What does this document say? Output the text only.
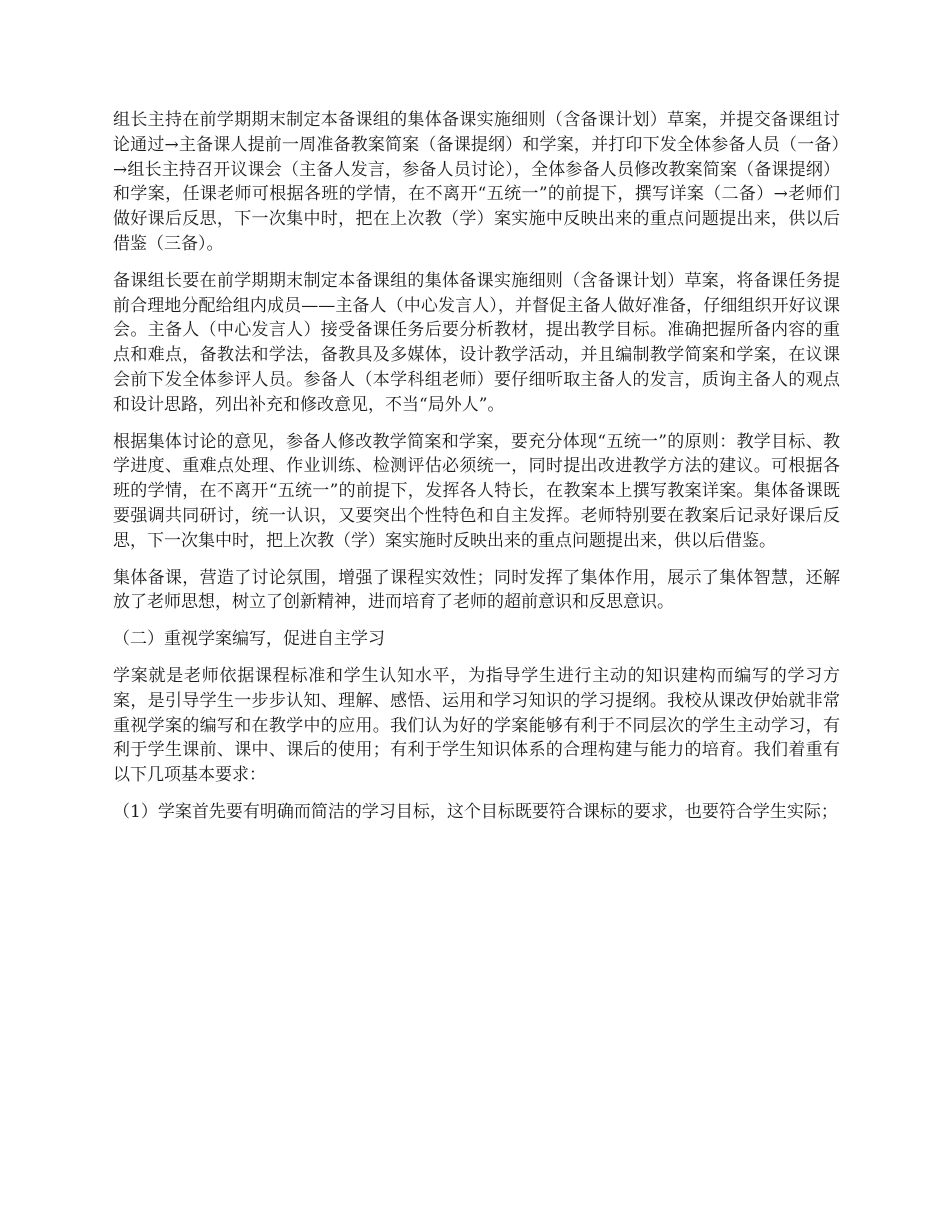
组长主持在前学期期末制定本备课组的集体备课实施细则（含备课计划）草案，并提交备课组讨论通过→主备课人提前一周准备教案简案（备课提纲）和学案，并打印下发全体参备人员（一备）→组长主持召开议课会（主备人发言，参备人员讨论），全体参备人员修改教案简案（备课提纲）和学案，任课老师可根据各班的学情，在不离开“五统一”的前提下，撰写详案（二备）→老师们做好课后反思，下一次集中时，把在上次教（学）案实施中反映出来的重点问题提出来，供以后借鉴（三备）。

备课组长要在前学期期末制定本备课组的集体备课实施细则（含备课计划）草案，将备课任务提前合理地分配给组内成员——主备人（中心发言人），并督促主备人做好准备，仔细组织开好议课会。主备人（中心发言人）接受备课任务后要分析教材，提出教学目标。准确把握所备内容的重点和难点，备教法和学法，备教具及多媒体，设计教学活动，并且编制教学简案和学案，在议课会前下发全体参评人员。参备人（本学科组老师）要仔细听取主备人的发言，质询主备人的观点和设计思路，列出补充和修改意见，不当“局外人”。

根据集体讨论的意见，参备人修改教学简案和学案，要充分体现“五统一”的原则：教学目标、教学进度、重难点处理、作业训练、检测评估必须统一，同时提出改进教学方法的建议。可根据各班的学情，在不离开“五统一”的前提下，发挥各人特长，在教案本上撰写教案详案。集体备课既要强调共同研讨，统一认识，又要突出个性特色和自主发挥。老师特别要在教案后记录好课后反思，下一次集中时，把上次教（学）案实施时反映出来的重点问题提出来，供以后借鉴。

集体备课，营造了讨论氛围，增强了课程实效性；同时发挥了集体作用，展示了集体智慧，还解放了老师思想，树立了创新精神，进而培育了老师的超前意识和反思意识。

（二）重视学案编写，促进自主学习

学案就是老师依据课程标准和学生认知水平，为指导学生进行主动的知识建构而编写的学习方案，是引导学生一步步认知、理解、感悟、运用和学习知识的学习提纲。我校从课改伊始就非常重视学案的编写和在教学中的应用。我们认为好的学案能够有利于不同层次的学生主动学习，有利于学生课前、课中、课后的使用；有利于学生知识体系的合理构建与能力的培育。我们着重有以下几项基本要求：

（1）学案首先要有明确而简洁的学习目标，这个目标既要符合课标的要求，也要符合学生实际；
